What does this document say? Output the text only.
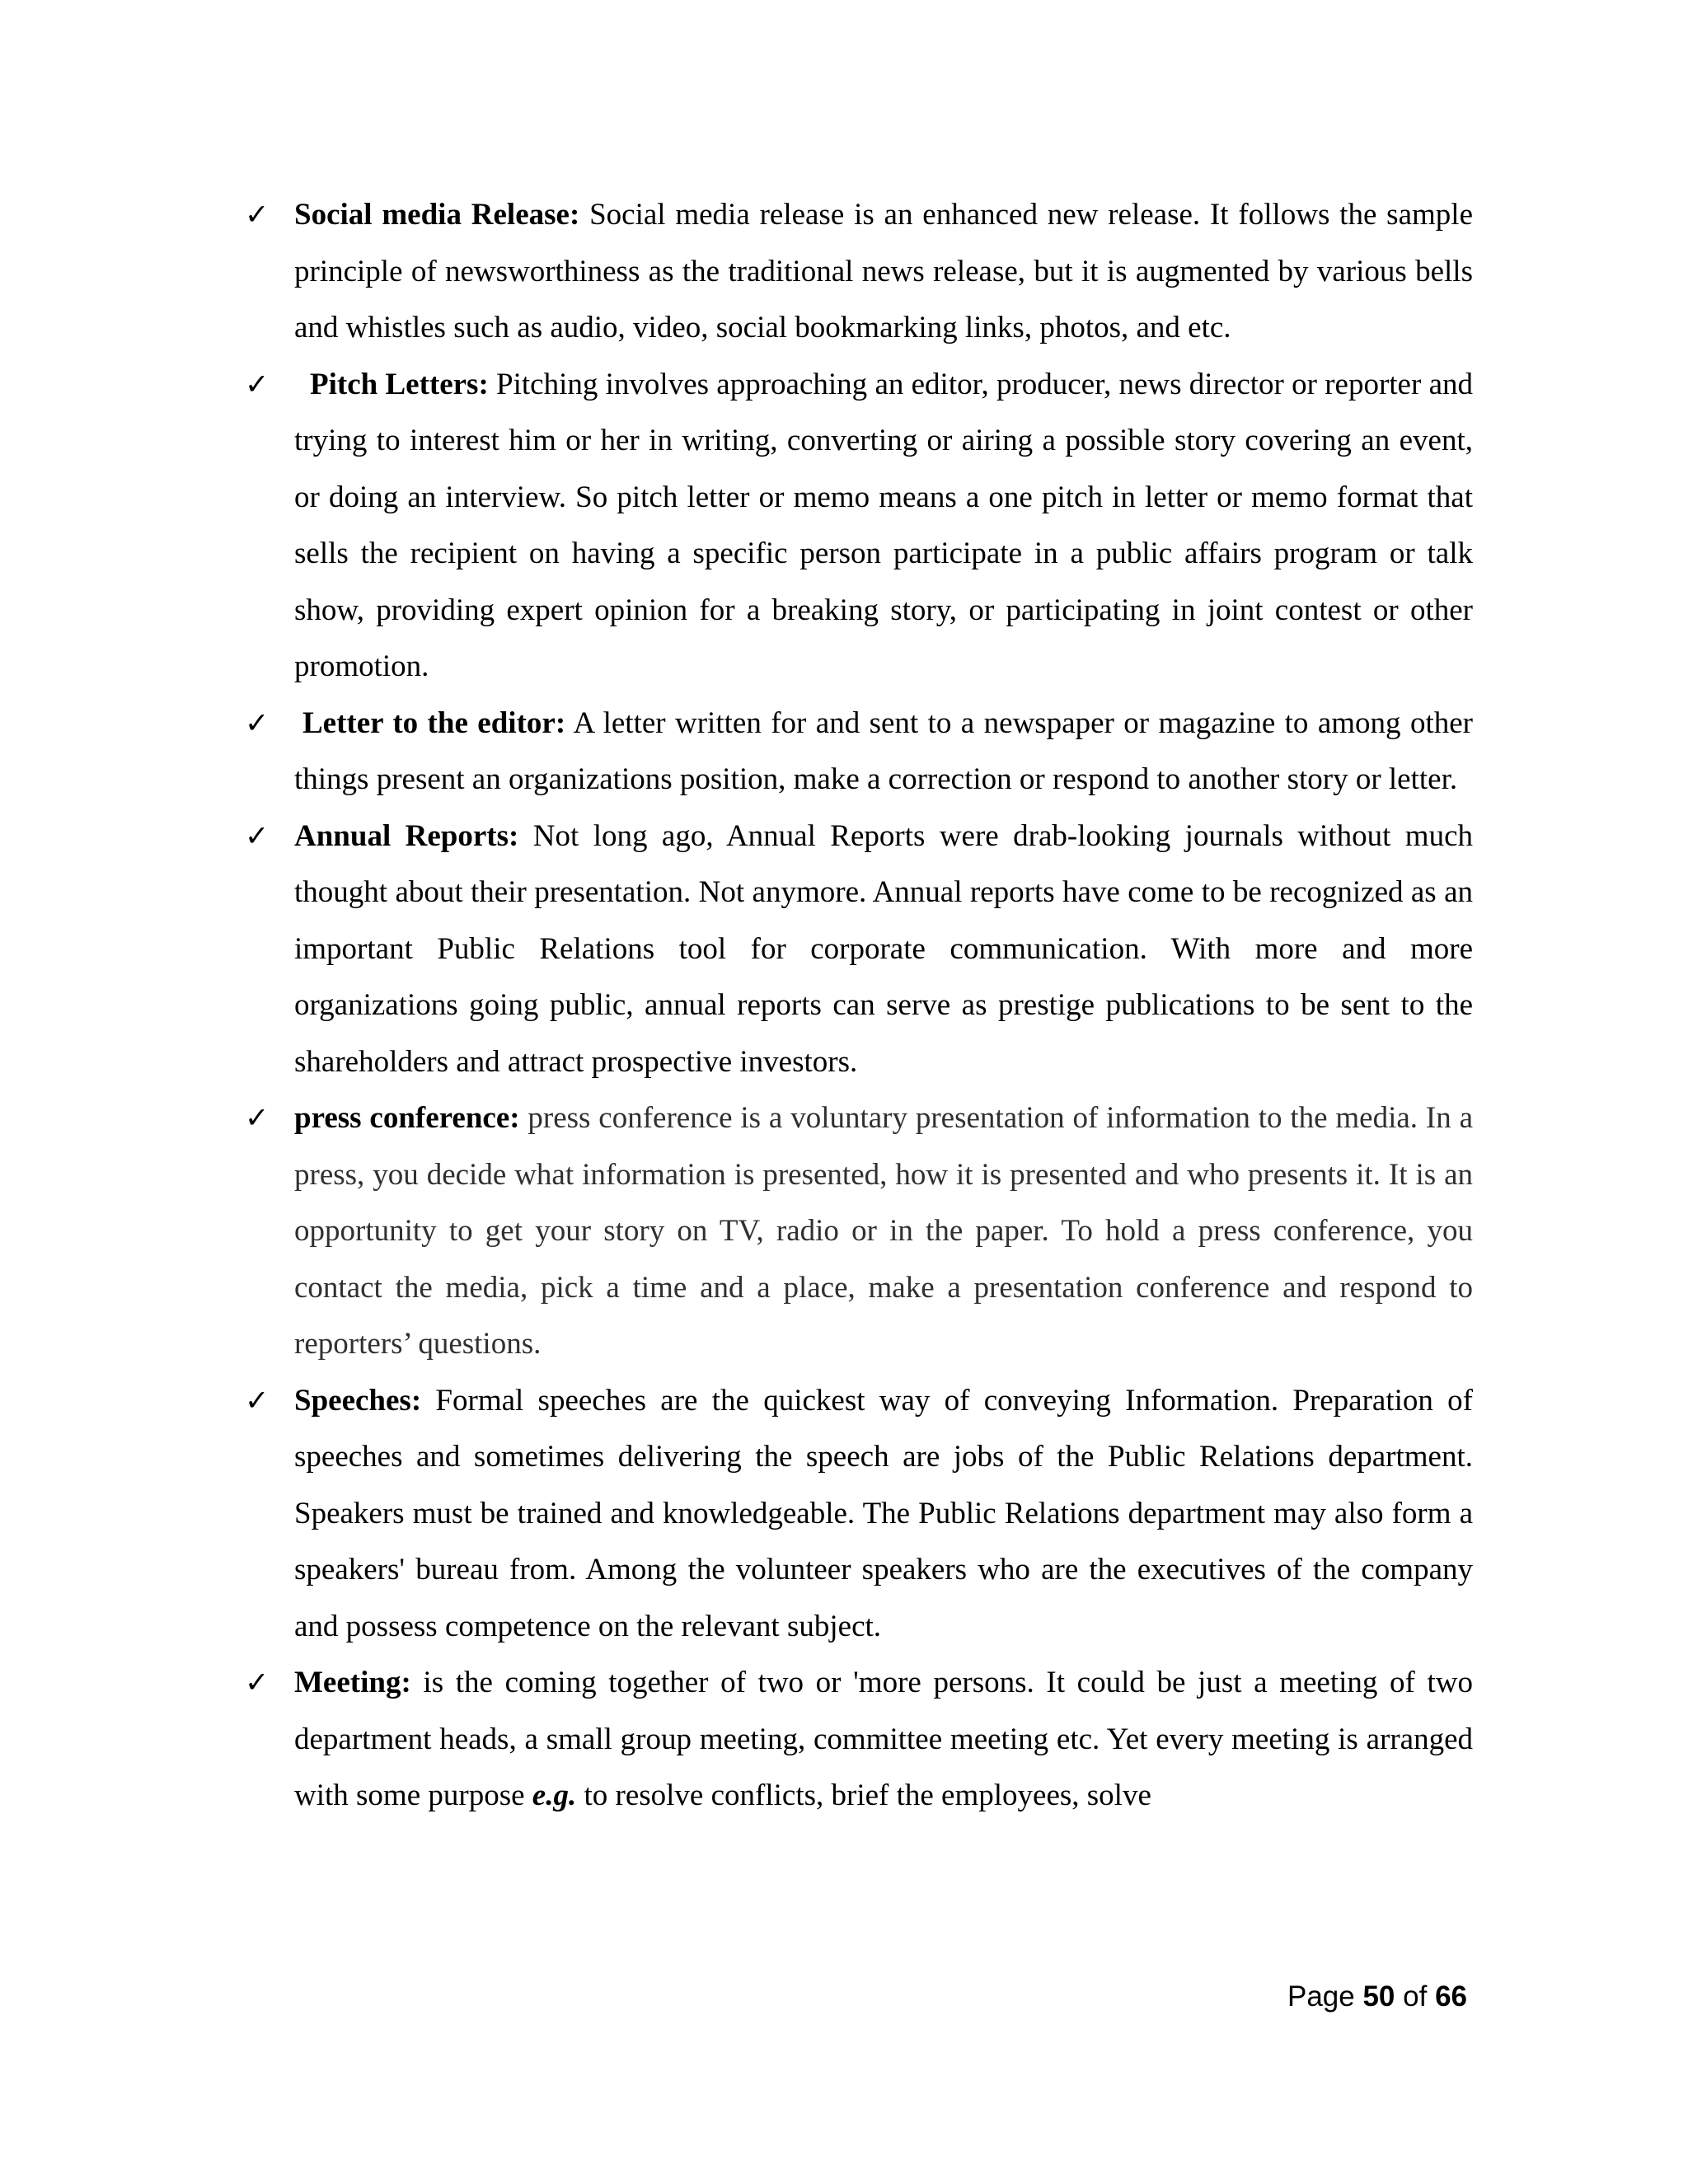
✓ Social media Release: Social media release is an enhanced new release. It follows the sample principle of newsworthiness as the traditional news release, but it is augmented by various bells and whistles such as audio, video, social bookmarking links, photos, and etc.
✓ Pitch Letters: Pitching involves approaching an editor, producer, news director or reporter and trying to interest him or her in writing, converting or airing a possible story covering an event, or doing an interview. So pitch letter or memo means a one pitch in letter or memo format that sells the recipient on having a specific person participate in a public affairs program or talk show, providing expert opinion for a breaking story, or participating in joint contest or other promotion.
✓ Letter to the editor: A letter written for and sent to a newspaper or magazine to among other things present an organizations position, make a correction or respond to another story or letter.
✓ Annual Reports: Not long ago, Annual Reports were drab-looking journals without much thought about their presentation. Not anymore. Annual reports have come to be recognized as an important Public Relations tool for corporate communication. With more and more organizations going public, annual reports can serve as prestige publications to be sent to the shareholders and attract prospective investors.
✓ press conference: press conference is a voluntary presentation of information to the media. In a press, you decide what information is presented, how it is presented and who presents it. It is an opportunity to get your story on TV, radio or in the paper. To hold a press conference, you contact the media, pick a time and a place, make a presentation conference and respond to reporters’ questions.
✓ Speeches: Formal speeches are the quickest way of conveying Information. Preparation of speeches and sometimes delivering the speech are jobs of the Public Relations department. Speakers must be trained and knowledgeable. The Public Relations department may also form a speakers' bureau from. Among the volunteer speakers who are the executives of the company and possess competence on the relevant subject.
✓ Meeting: is the coming together of two or 'more persons. It could be just a meeting of two department heads, a small group meeting, committee meeting etc. Yet every meeting is arranged with some purpose e.g. to resolve conflicts, brief the employees, solve
Page 50 of 66
